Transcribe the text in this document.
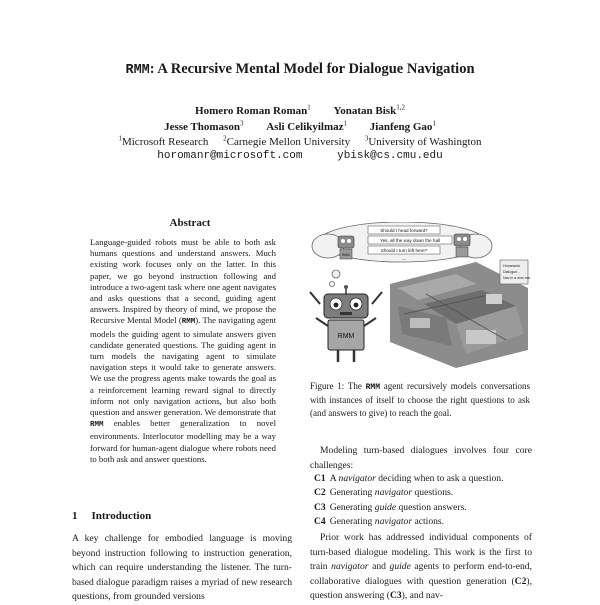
RMM: A Recursive Mental Model for Dialogue Navigation
Homero Roman Roman$^1$ Yonatan Bisk$^{1,2}$
Jesse Thomason$^3$ Asli Celikyilmaz$^1$ Jianfeng Gao$^1$
$^1$Microsoft Research $^2$Carnegie Mellon University $^3$University of Washington
horomanr@microsoft.com	ybisk@cs.cmu.edu
Abstract
Language-guided robots must be able to both ask humans questions and understand answers. Much existing work focuses only on the latter. In this paper, we go beyond instruction following and introduce a two-agent task where one agent navigates and asks questions that a second, guiding agent answers. Inspired by theory of mind, we propose the Recursive Mental Model (RMM). The navigating agent models the guiding agent to simulate answers given candidate generated questions. The guiding agent in turn models the navigating agent to simulate navigation steps it would take to generate answers. We use the progress agents make towards the goal as a reinforcement learning reward signal to directly inform not only navigation actions, but also both question and answer generation. We demonstrate that RMM enables better generalization to novel environments. Interlocutor modelling may be a way forward for human-agent dialogue where robots need to both ask and answer questions.
1 Introduction
A key challenge for embodied language is moving beyond instruction following to instruction generation, which can require understanding the listener. The turn-based dialogue paradigm raises a myriad of new research questions, from grounded versions
Homework
Dialogue...
Nav in a new map
RMM
Should I head forward?
Yes, all the way down the hall
Should I turn left here?
...
RMM
Figure 1: The RMM agent recursively models conversations with instances of itself to choose the right questions to ask (and answers to give) to reach the goal.
Modeling turn-based dialogues involves four core challenges:
C1 A navigator deciding when to ask a question.
C2 Generating navigator questions.
C3 Generating guide question answers.
C4 Generating navigator actions.
Prior work has addressed individual components of turn-based dialogue modeling. This work is the first to train navigator and guide agents to perform end-to-end, collaborative dialogues with question generation (C2), question answering (C3), and nav-
